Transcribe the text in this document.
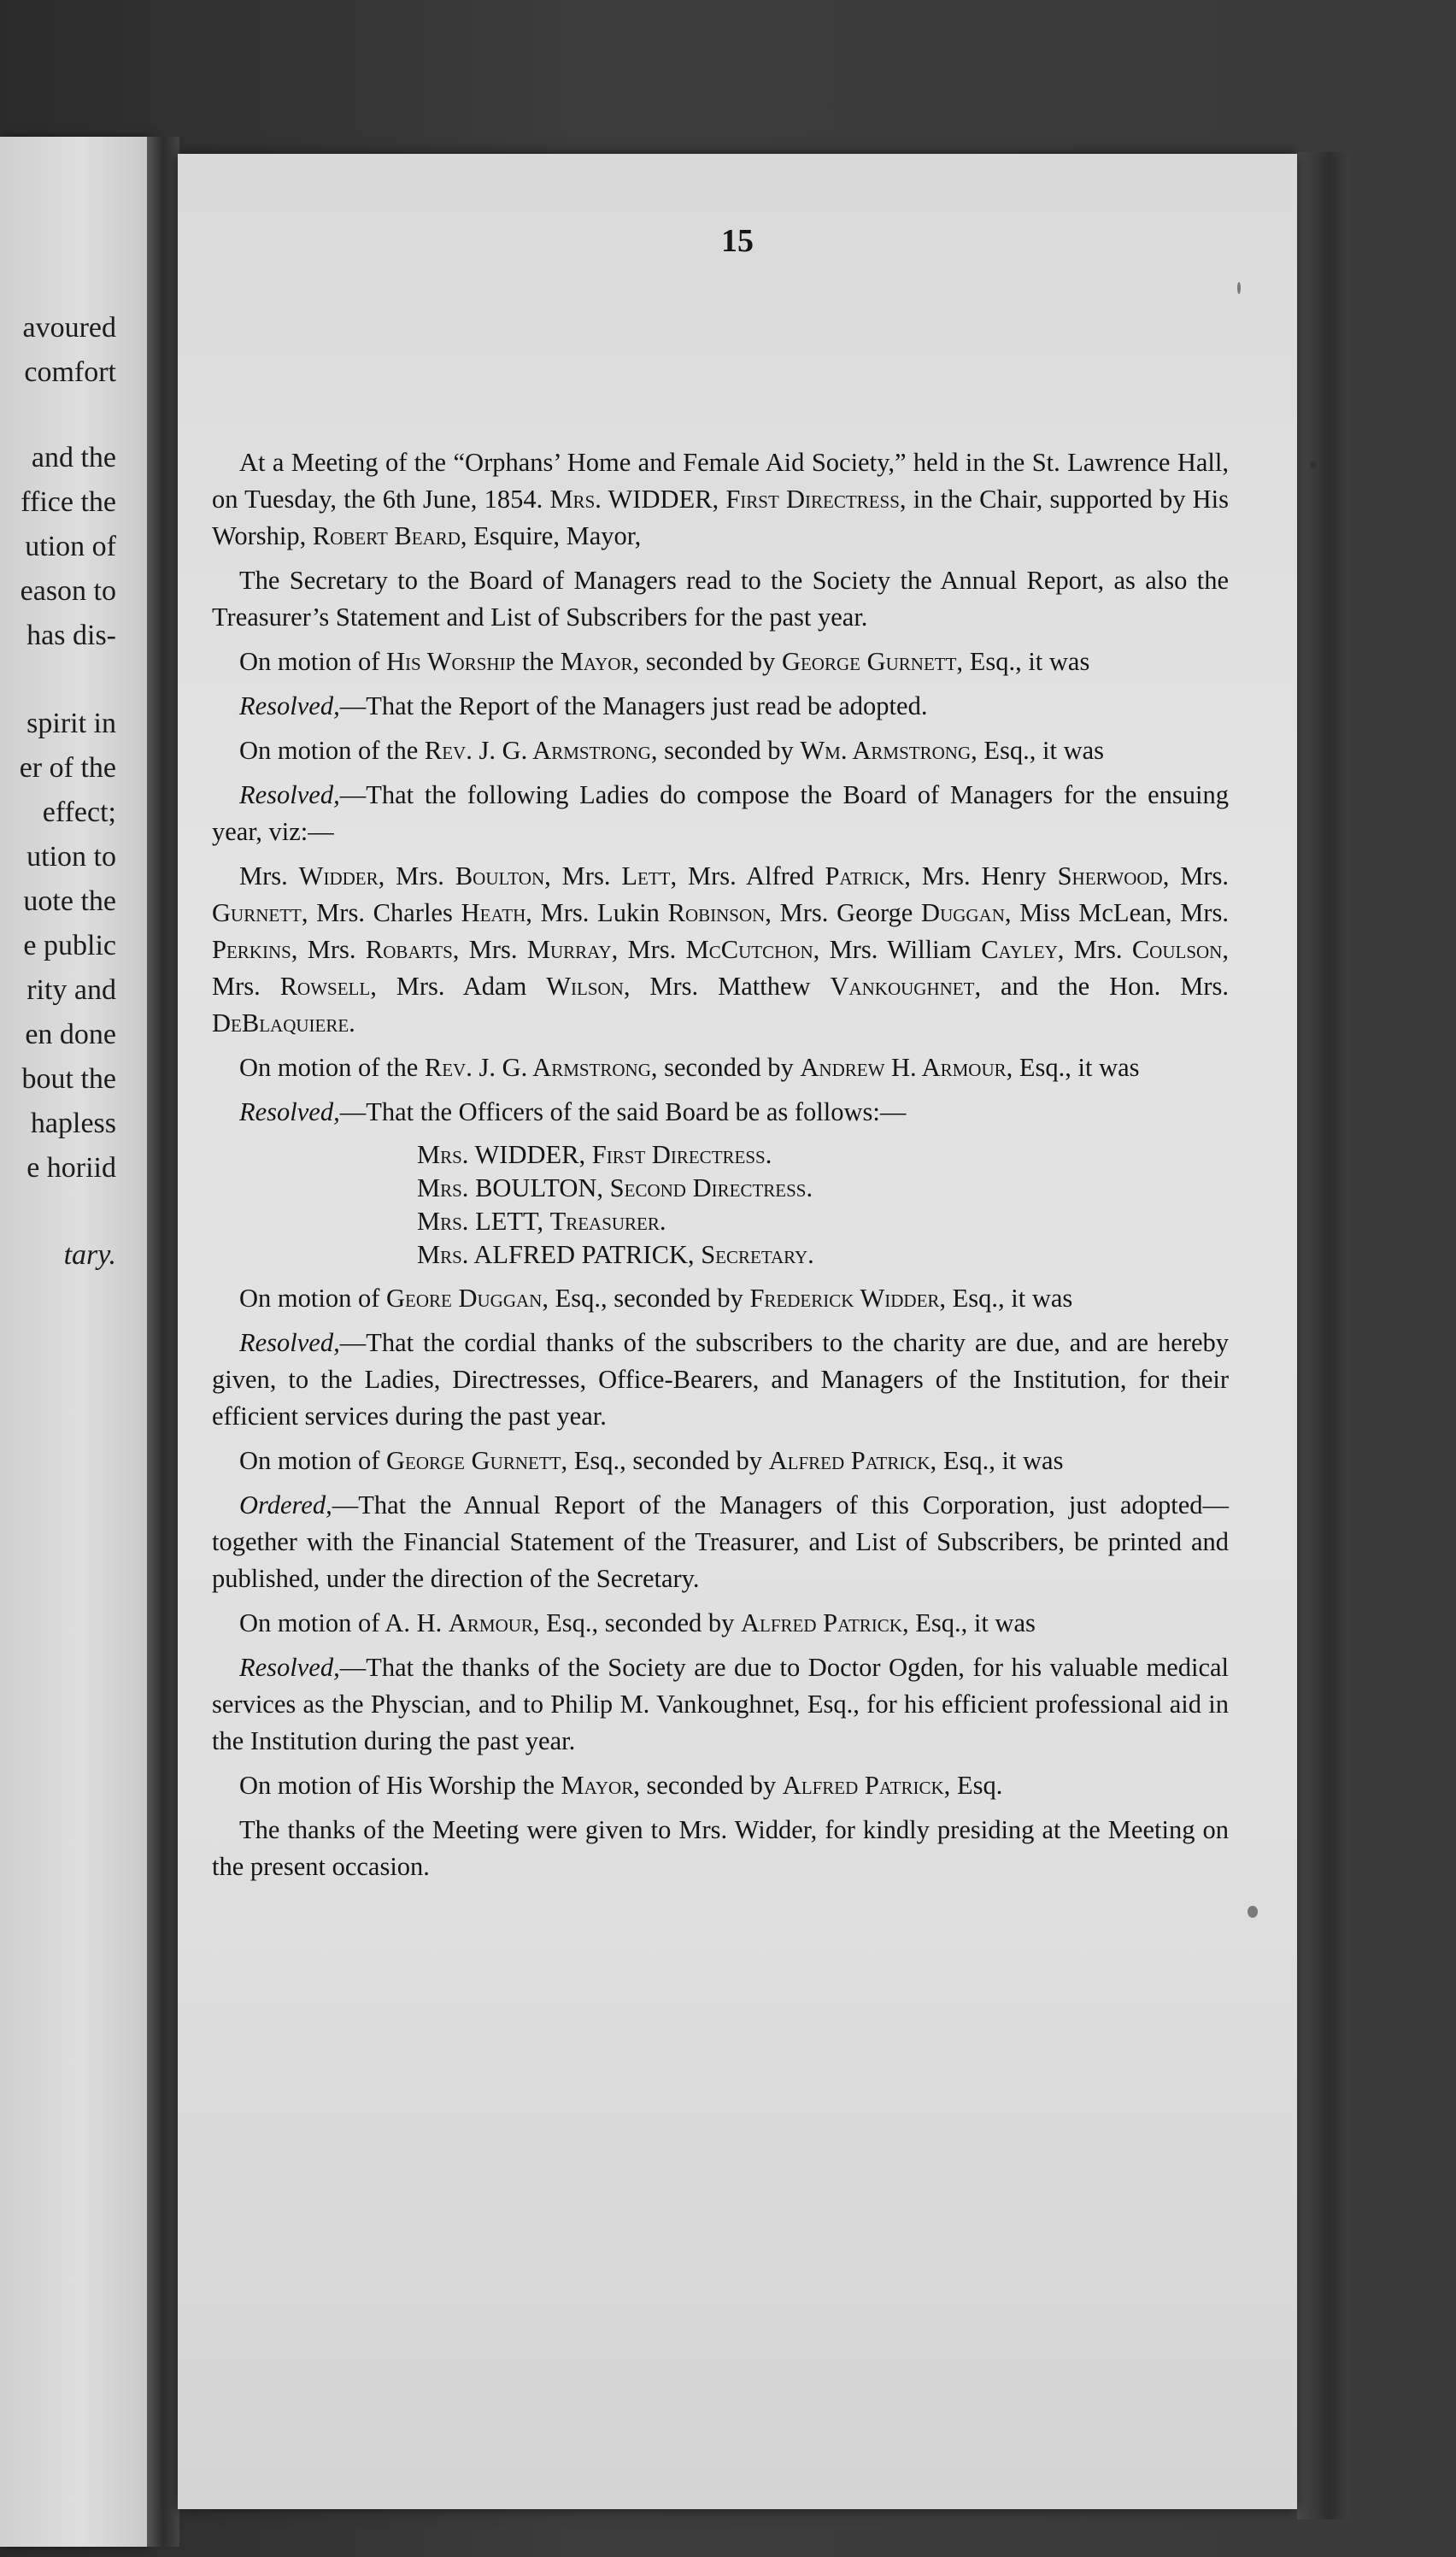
avoured

comfort

and the

ffice the

ution of

eason to

has dis-

spirit in

er of the

effect;

ution to

uote the

e public

rity and

en done

bout the

hapless

e horiid

tary.

15

At a Meeting of the “Orphans’ Home and Female Aid Society,” held in the St. Lawrence Hall, on Tuesday, the 6th June, 1854. Mrs. WIDDER, First Directress, in the Chair, supported by His Worship, Robert Beard, Esquire, Mayor,

The Secretary to the Board of Managers read to the Society the Annual Report, as also the Treasurer’s Statement and List of Subscribers for the past year.

On motion of His Worship the Mayor, seconded by George Gurnett, Esq., it was

Resolved,—That the Report of the Managers just read be adopted.

On motion of the Rev. J. G. Armstrong, seconded by Wm. Armstrong, Esq., it was

Resolved,—That the following Ladies do compose the Board of Managers for the ensuing year, viz:—

Mrs. Widder, Mrs. Boulton, Mrs. Lett, Mrs. Alfred Patrick, Mrs. Henry Sherwood, Mrs. Gurnett, Mrs. Charles Heath, Mrs. Lukin Robinson, Mrs. George Duggan, Miss McLean, Mrs. Perkins, Mrs. Robarts, Mrs. Murray, Mrs. McCutchon, Mrs. William Cayley, Mrs. Coulson, Mrs. Rowsell, Mrs. Adam Wilson, Mrs. Matthew Vankoughnet, and the Hon. Mrs. DeBlaquiere.

On motion of the Rev. J. G. Armstrong, seconded by Andrew H. Armour, Esq., it was

Resolved,—That the Officers of the said Board be as follows:—

Mrs. WIDDER, First Directress.

Mrs. BOULTON, Second Directress.

Mrs. LETT, Treasurer.

Mrs. ALFRED PATRICK, Secretary.

On motion of Geore Duggan, Esq., seconded by Frederick Widder, Esq., it was

Resolved,—That the cordial thanks of the subscribers to the charity are due, and are hereby given, to the Ladies, Directresses, Office-Bearers, and Managers of the Institution, for their efficient services during the past year.

On motion of George Gurnett, Esq., seconded by Alfred Patrick, Esq., it was

Ordered,—That the Annual Report of the Managers of this Corporation, just adopted—together with the Financial Statement of the Treasurer, and List of Subscribers, be printed and published, under the direction of the Secretary.

On motion of A. H. Armour, Esq., seconded by Alfred Patrick, Esq., it was

Resolved,—That the thanks of the Society are due to Doctor Ogden, for his valuable medical services as the Physcian, and to Philip M. Vankoughnet, Esq., for his efficient professional aid in the Institution during the past year.

On motion of His Worship the Mayor, seconded by Alfred Patrick, Esq.

The thanks of the Meeting were given to Mrs. Widder, for kindly presiding at the Meeting on the present occasion.
